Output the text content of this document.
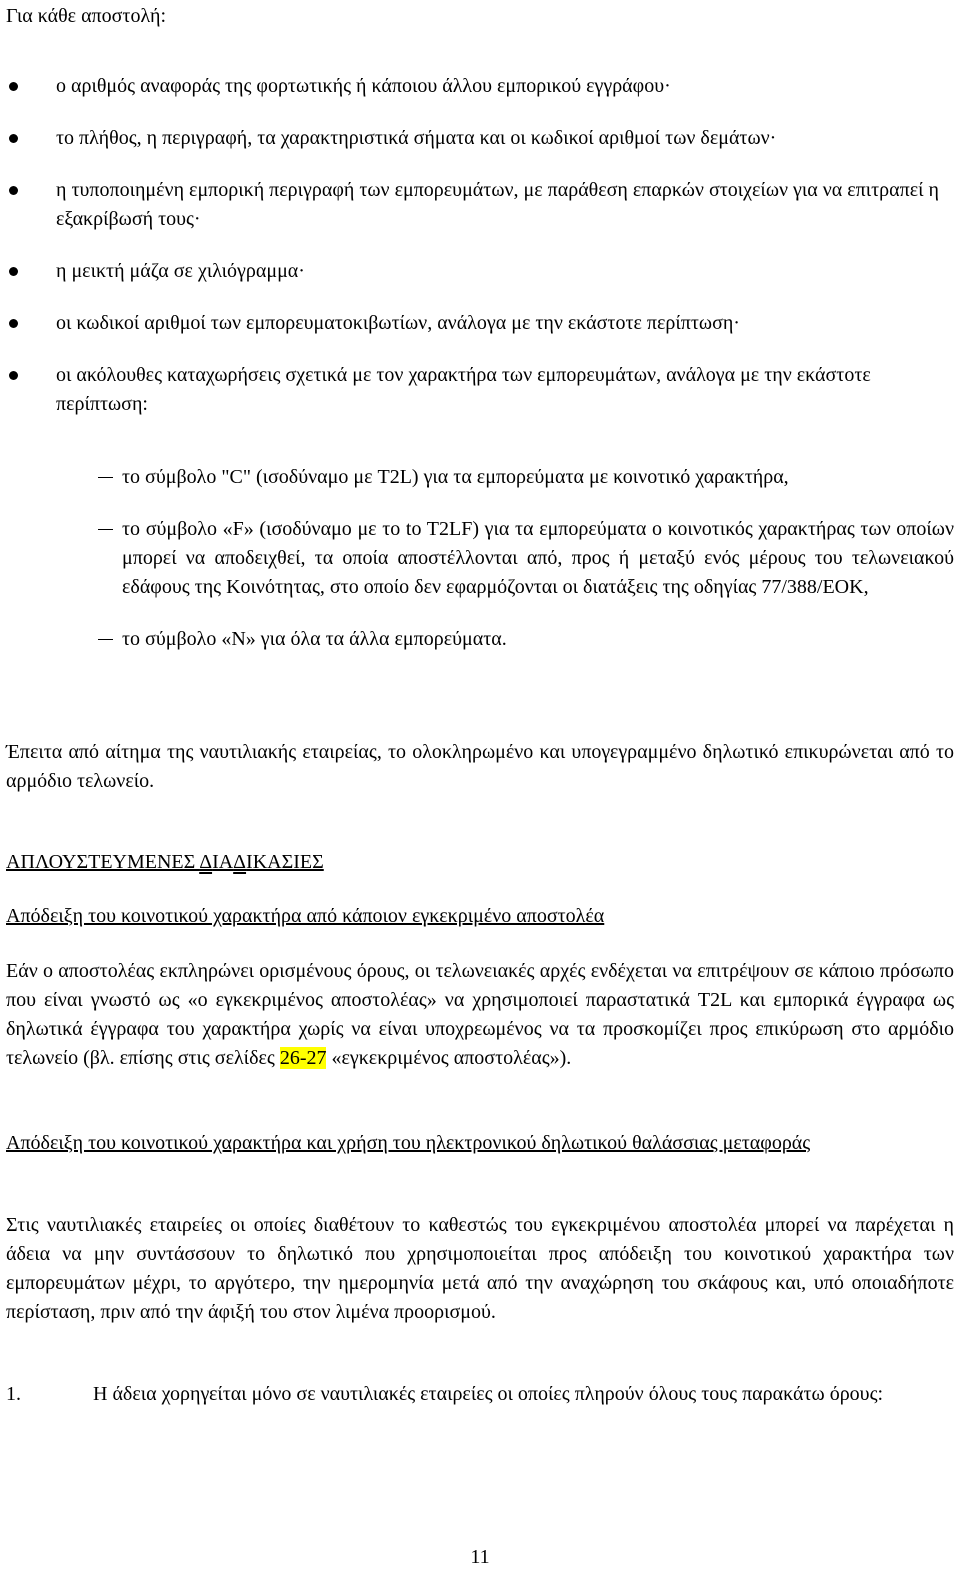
Για κάθε αποστολή:
ο αριθμός αναφοράς της φορτωτικής ή κάποιου άλλου εμπορικού εγγράφου·
το πλήθος, η περιγραφή, τα χαρακτηριστικά σήματα και οι κωδικοί αριθμοί των δεμάτων·
η τυποποιημένη εμπορική περιγραφή των εμπορευμάτων, με παράθεση επαρκών στοιχείων για να επιτραπεί η εξακρίβωσή τους·
η μεικτή μάζα σε χιλιόγραμμα·
οι κωδικοί αριθμοί των εμπορευματοκιβωτίων, ανάλογα με την εκάστοτε περίπτωση·
οι ακόλουθες καταχωρήσεις σχετικά με τον χαρακτήρα των εμπορευμάτων, ανάλογα με την εκάστοτε περίπτωση:
το σύμβολο "C" (ισοδύναμο με T2L) για τα εμπορεύματα με κοινοτικό χαρακτήρα,
το σύμβολο «F» (ισοδύναμο με το to T2LF) για τα εμπορεύματα ο κοινοτικός χαρακτήρας των οποίων μπορεί να αποδειχθεί, τα οποία αποστέλλονται από, προς ή μεταξύ ενός μέρους του τελωνειακού εδάφους της Κοινότητας, στο οποίο δεν εφαρμόζονται οι διατάξεις της οδηγίας 77/388/ΕΟΚ,
το σύμβολο «N» για όλα τα άλλα εμπορεύματα.

Έπειτα από αίτημα της ναυτιλιακής εταιρείας, το ολοκληρωμένο και υπογεγραμμένο δηλωτικό επικυρώνεται από το αρμόδιο τελωνείο.

ΑΠΛΟΥΣΤΕΥΜΕΝΕΣ ΔΙΑΔΙΚΑΣΙΕΣ

Απόδειξη του κοινοτικού χαρακτήρα από κάποιον εγκεκριμένο αποστολέα

Εάν ο αποστολέας εκπληρώνει ορισμένους όρους, οι τελωνειακές αρχές ενδέχεται να επιτρέψουν σε κάποιο πρόσωπο που είναι γνωστό ως «ο εγκεκριμένος αποστολέας» να χρησιμοποιεί παραστατικά T2L και εμπορικά έγγραφα ως δηλωτικά έγγραφα του χαρακτήρα χωρίς να είναι υποχρεωμένος να τα προσκομίζει προς επικύρωση στο αρμόδιο τελωνείο (βλ. επίσης στις σελίδες 26-27 «εγκεκριμένος αποστολέας»).

Απόδειξη του κοινοτικού χαρακτήρα και χρήση του ηλεκτρονικού δηλωτικού θαλάσσιας μεταφοράς

Στις ναυτιλιακές εταιρείες οι οποίες διαθέτουν το καθεστώς του εγκεκριμένου αποστολέα μπορεί να παρέχεται η άδεια να μην συντάσσουν το δηλωτικό που χρησιμοποιείται προς απόδειξη του κοινοτικού χαρακτήρα των εμπορευμάτων μέχρι, το αργότερο, την ημερομηνία μετά από την αναχώρηση του σκάφους και, υπό οποιαδήποτε περίσταση, πριν από την άφιξή του στον λιμένα προορισμού.

1.	Η άδεια χορηγείται μόνο σε ναυτιλιακές εταιρείες οι οποίες πληρούν όλους τους παρακάτω όρους:
11
